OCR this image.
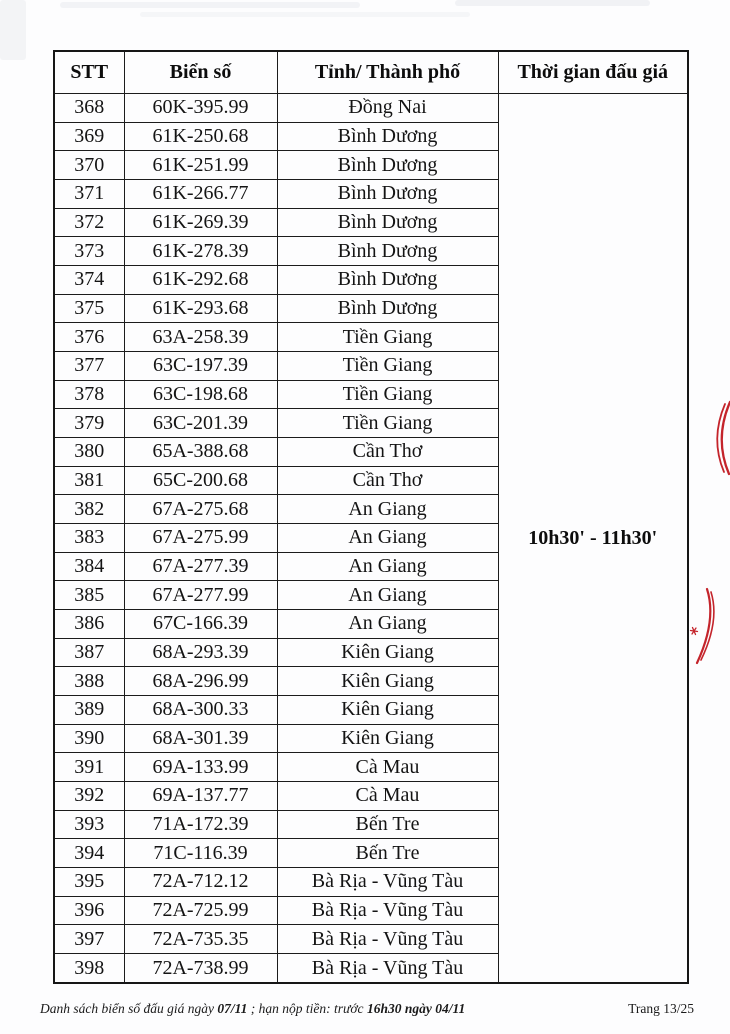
STT	Biển số	Tỉnh/ Thành phố	Thời gian đấu giá
368	60K-395.99	Đồng Nai	10h30' - 11h30'
369	61K-250.68	Bình Dương	
370	61K-251.99	Bình Dương	
371	61K-266.77	Bình Dương	
372	61K-269.39	Bình Dương	
373	61K-278.39	Bình Dương	
374	61K-292.68	Bình Dương	
375	61K-293.68	Bình Dương	
376	63A-258.39	Tiền Giang	
377	63C-197.39	Tiền Giang	
378	63C-198.68	Tiền Giang	
379	63C-201.39	Tiền Giang	
380	65A-388.68	Cần Thơ	
381	65C-200.68	Cần Thơ	
382	67A-275.68	An Giang	
383	67A-275.99	An Giang	
384	67A-277.39	An Giang	
385	67A-277.99	An Giang	
386	67C-166.39	An Giang	
387	68A-293.39	Kiên Giang	
388	68A-296.99	Kiên Giang	
389	68A-300.33	Kiên Giang	
390	68A-301.39	Kiên Giang	
391	69A-133.99	Cà Mau	
392	69A-137.77	Cà Mau	
393	71A-172.39	Bến Tre	
394	71C-116.39	Bến Tre	
395	72A-712.12	Bà Rịa - Vũng Tàu	
396	72A-725.99	Bà Rịa - Vũng Tàu	
397	72A-735.35	Bà Rịa - Vũng Tàu	
398	72A-738.99	Bà Rịa - Vũng Tàu	
Danh sách biển số đấu giá ngày 07/11 ; hạn nộp tiền: trước 16h30 ngày 04/11	Trang 13/25
